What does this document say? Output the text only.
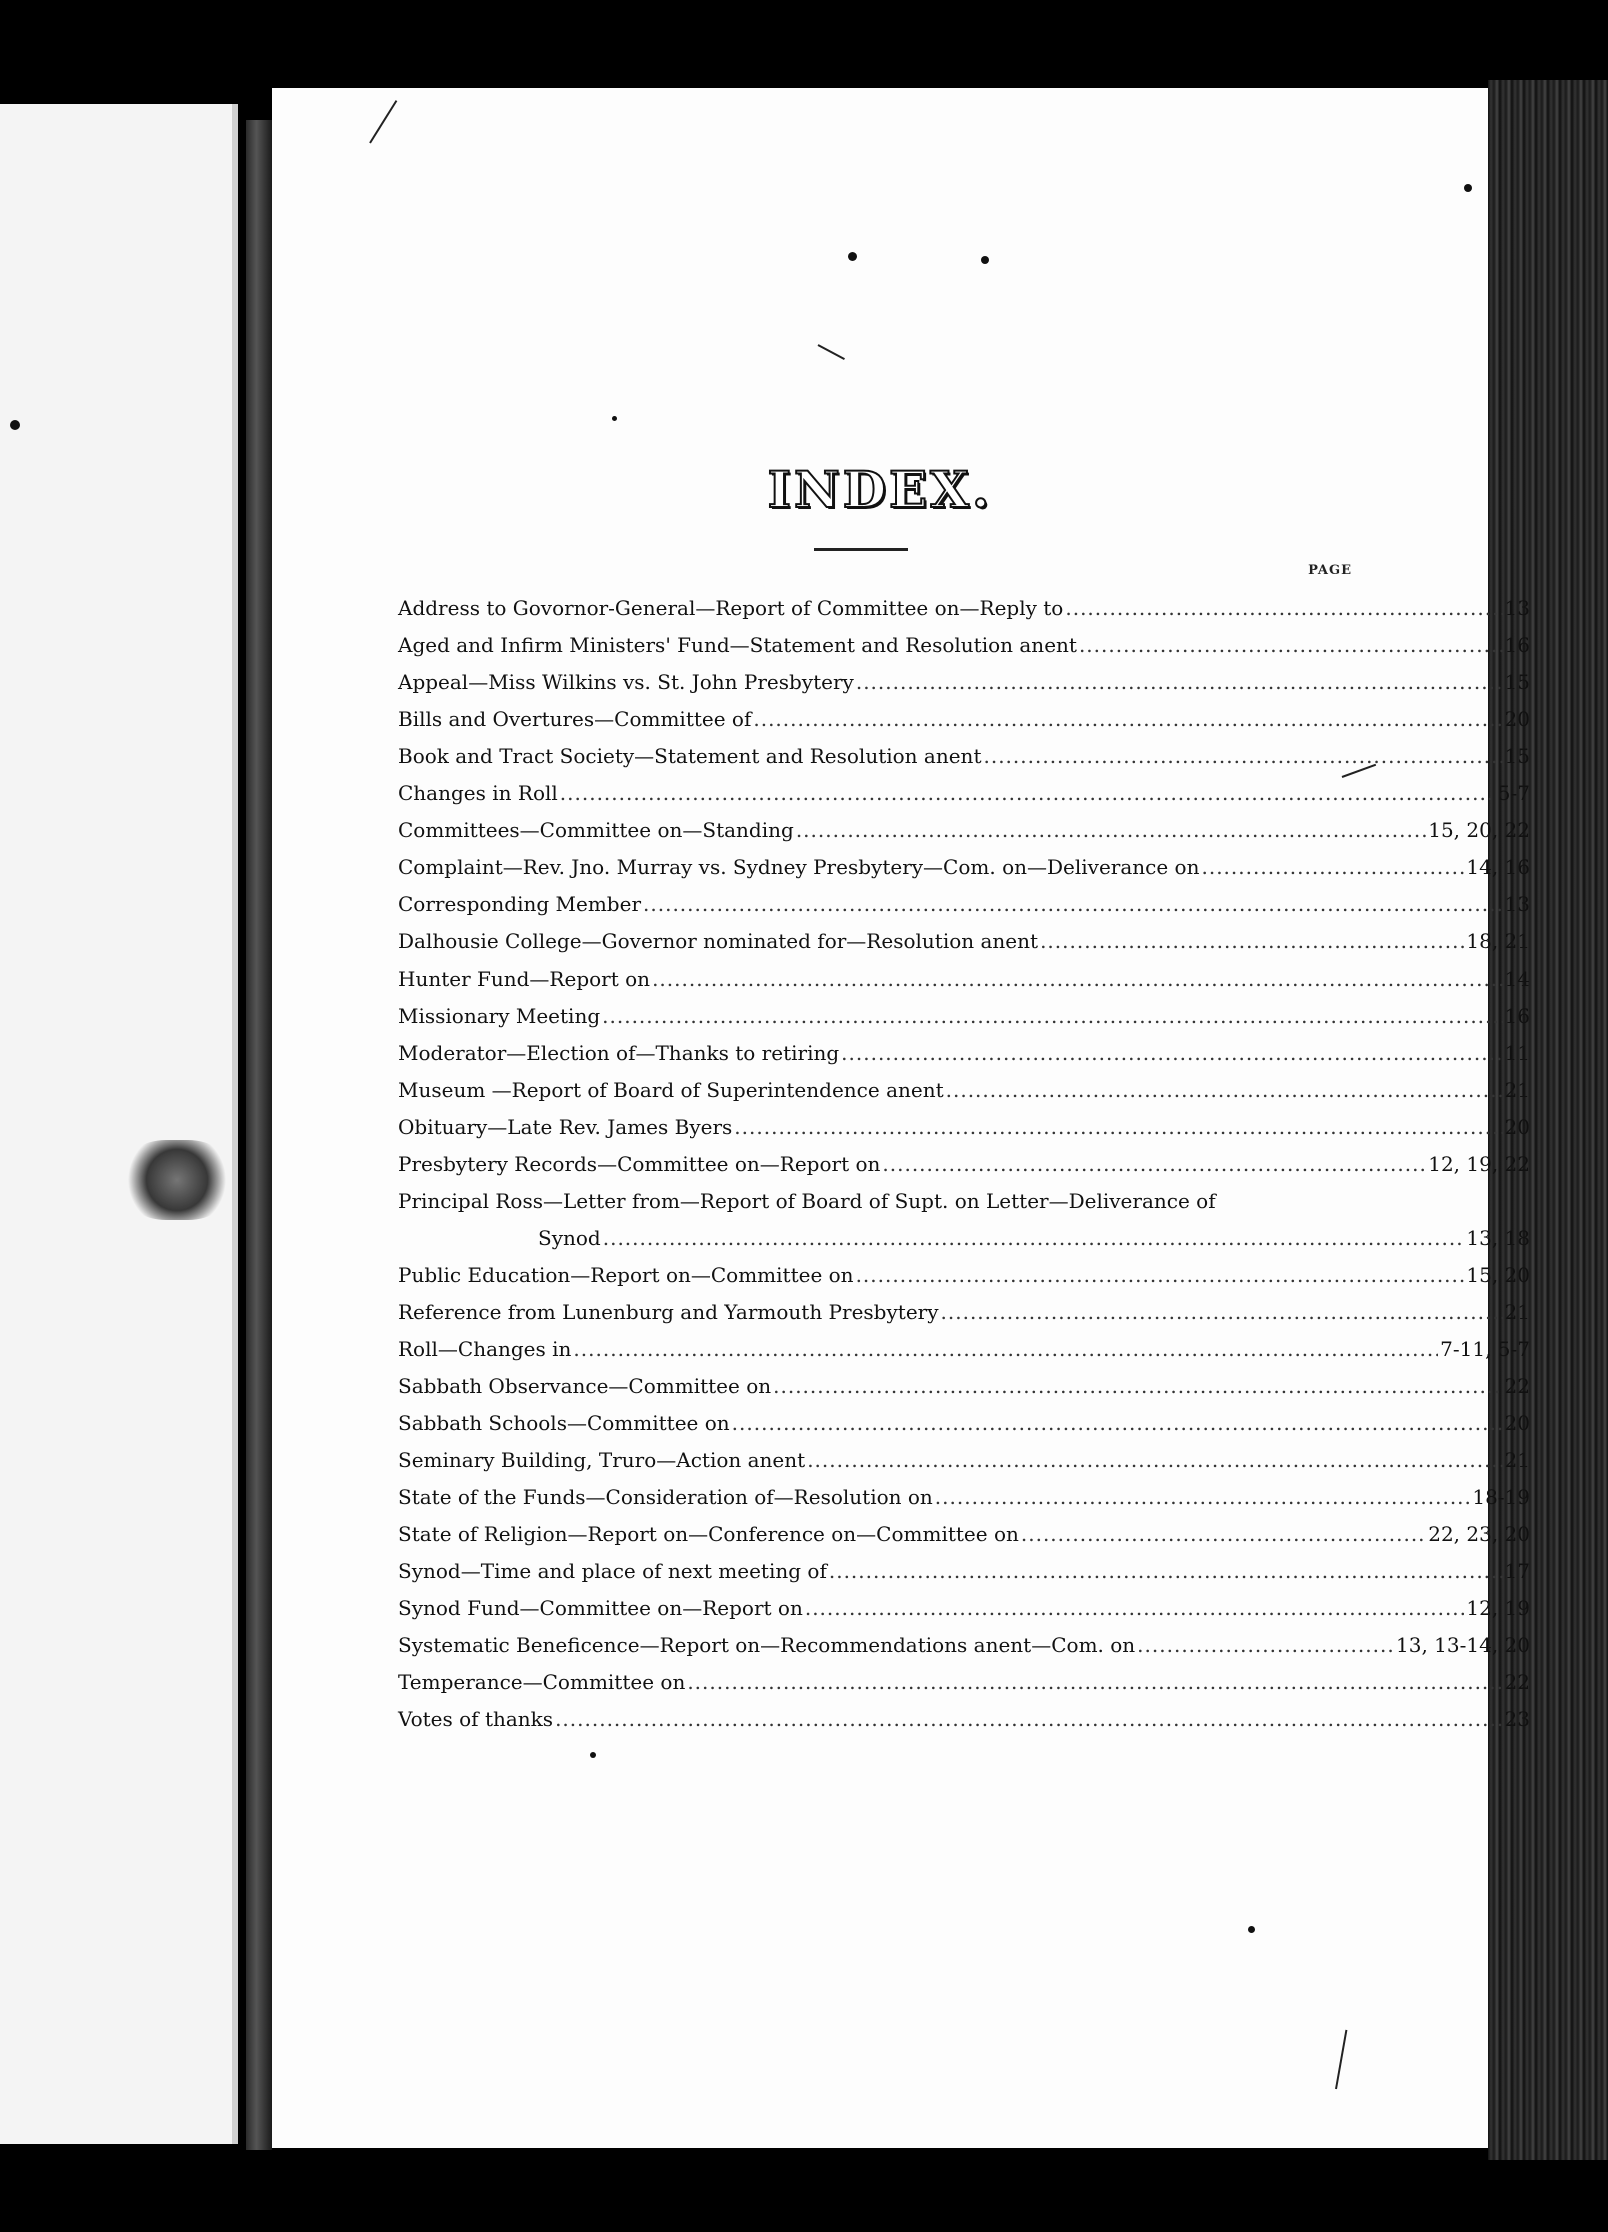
INDEX.
PAGE
Address to Govornor-General—Report of Committee on—Reply to .....	13
Aged and Infirm Ministers' Fund—Statement and Resolution anent .....	16
Appeal—Miss Wilkins vs. St. John Presbytery .....	15
Bills and Overtures—Committee of .....	20
Book and Tract Society—Statement and Resolution anent .....	15
Changes in Roll .....	5-7
Committees—Committee on—Standing .....	15, 20, 22
Complaint—Rev. Jno. Murray vs. Sydney Presbytery—Com. on—Deliverance on .....	14, 16
Corresponding Member .....	13
Dalhousie College—Governor nominated for—Resolution anent .....	18, 21
Hunter Fund—Report on .....	14
Missionary Meeting .....	16
Moderator—Election of—Thanks to retiring .....	11
Museum —Report of Board of Superintendence anent .....	21
Obituary—Late Rev. James Byers .....	20
Presbytery Records—Committee on—Report on .....	12, 19, 22
Principal Ross—Letter from—Report of Board of Supt. on Letter—Deliverance of
Synod .....	13, 18
Public Education—Report on—Committee on .....	15, 20
Reference from Lunenburg and Yarmouth Presbytery .....	21
Roll—Changes in .....	7-11, 5-7
Sabbath Observance—Committee on .....	22
Sabbath Schools—Committee on .....	20
Seminary Building, Truro—Action anent .....	21
State of the Funds—Consideration of—Resolution on .....	18-19
State of Religion—Report on—Conference on—Committee on .....	22, 23, 20
Synod—Time and place of next meeting of .....	17
Synod Fund—Committee on—Report on .....	12, 19
Systematic Beneficence—Report on—Recommendations anent—Com. on .....	13, 13-14, 20
Temperance—Committee on .....	22
Votes of thanks .....	23
